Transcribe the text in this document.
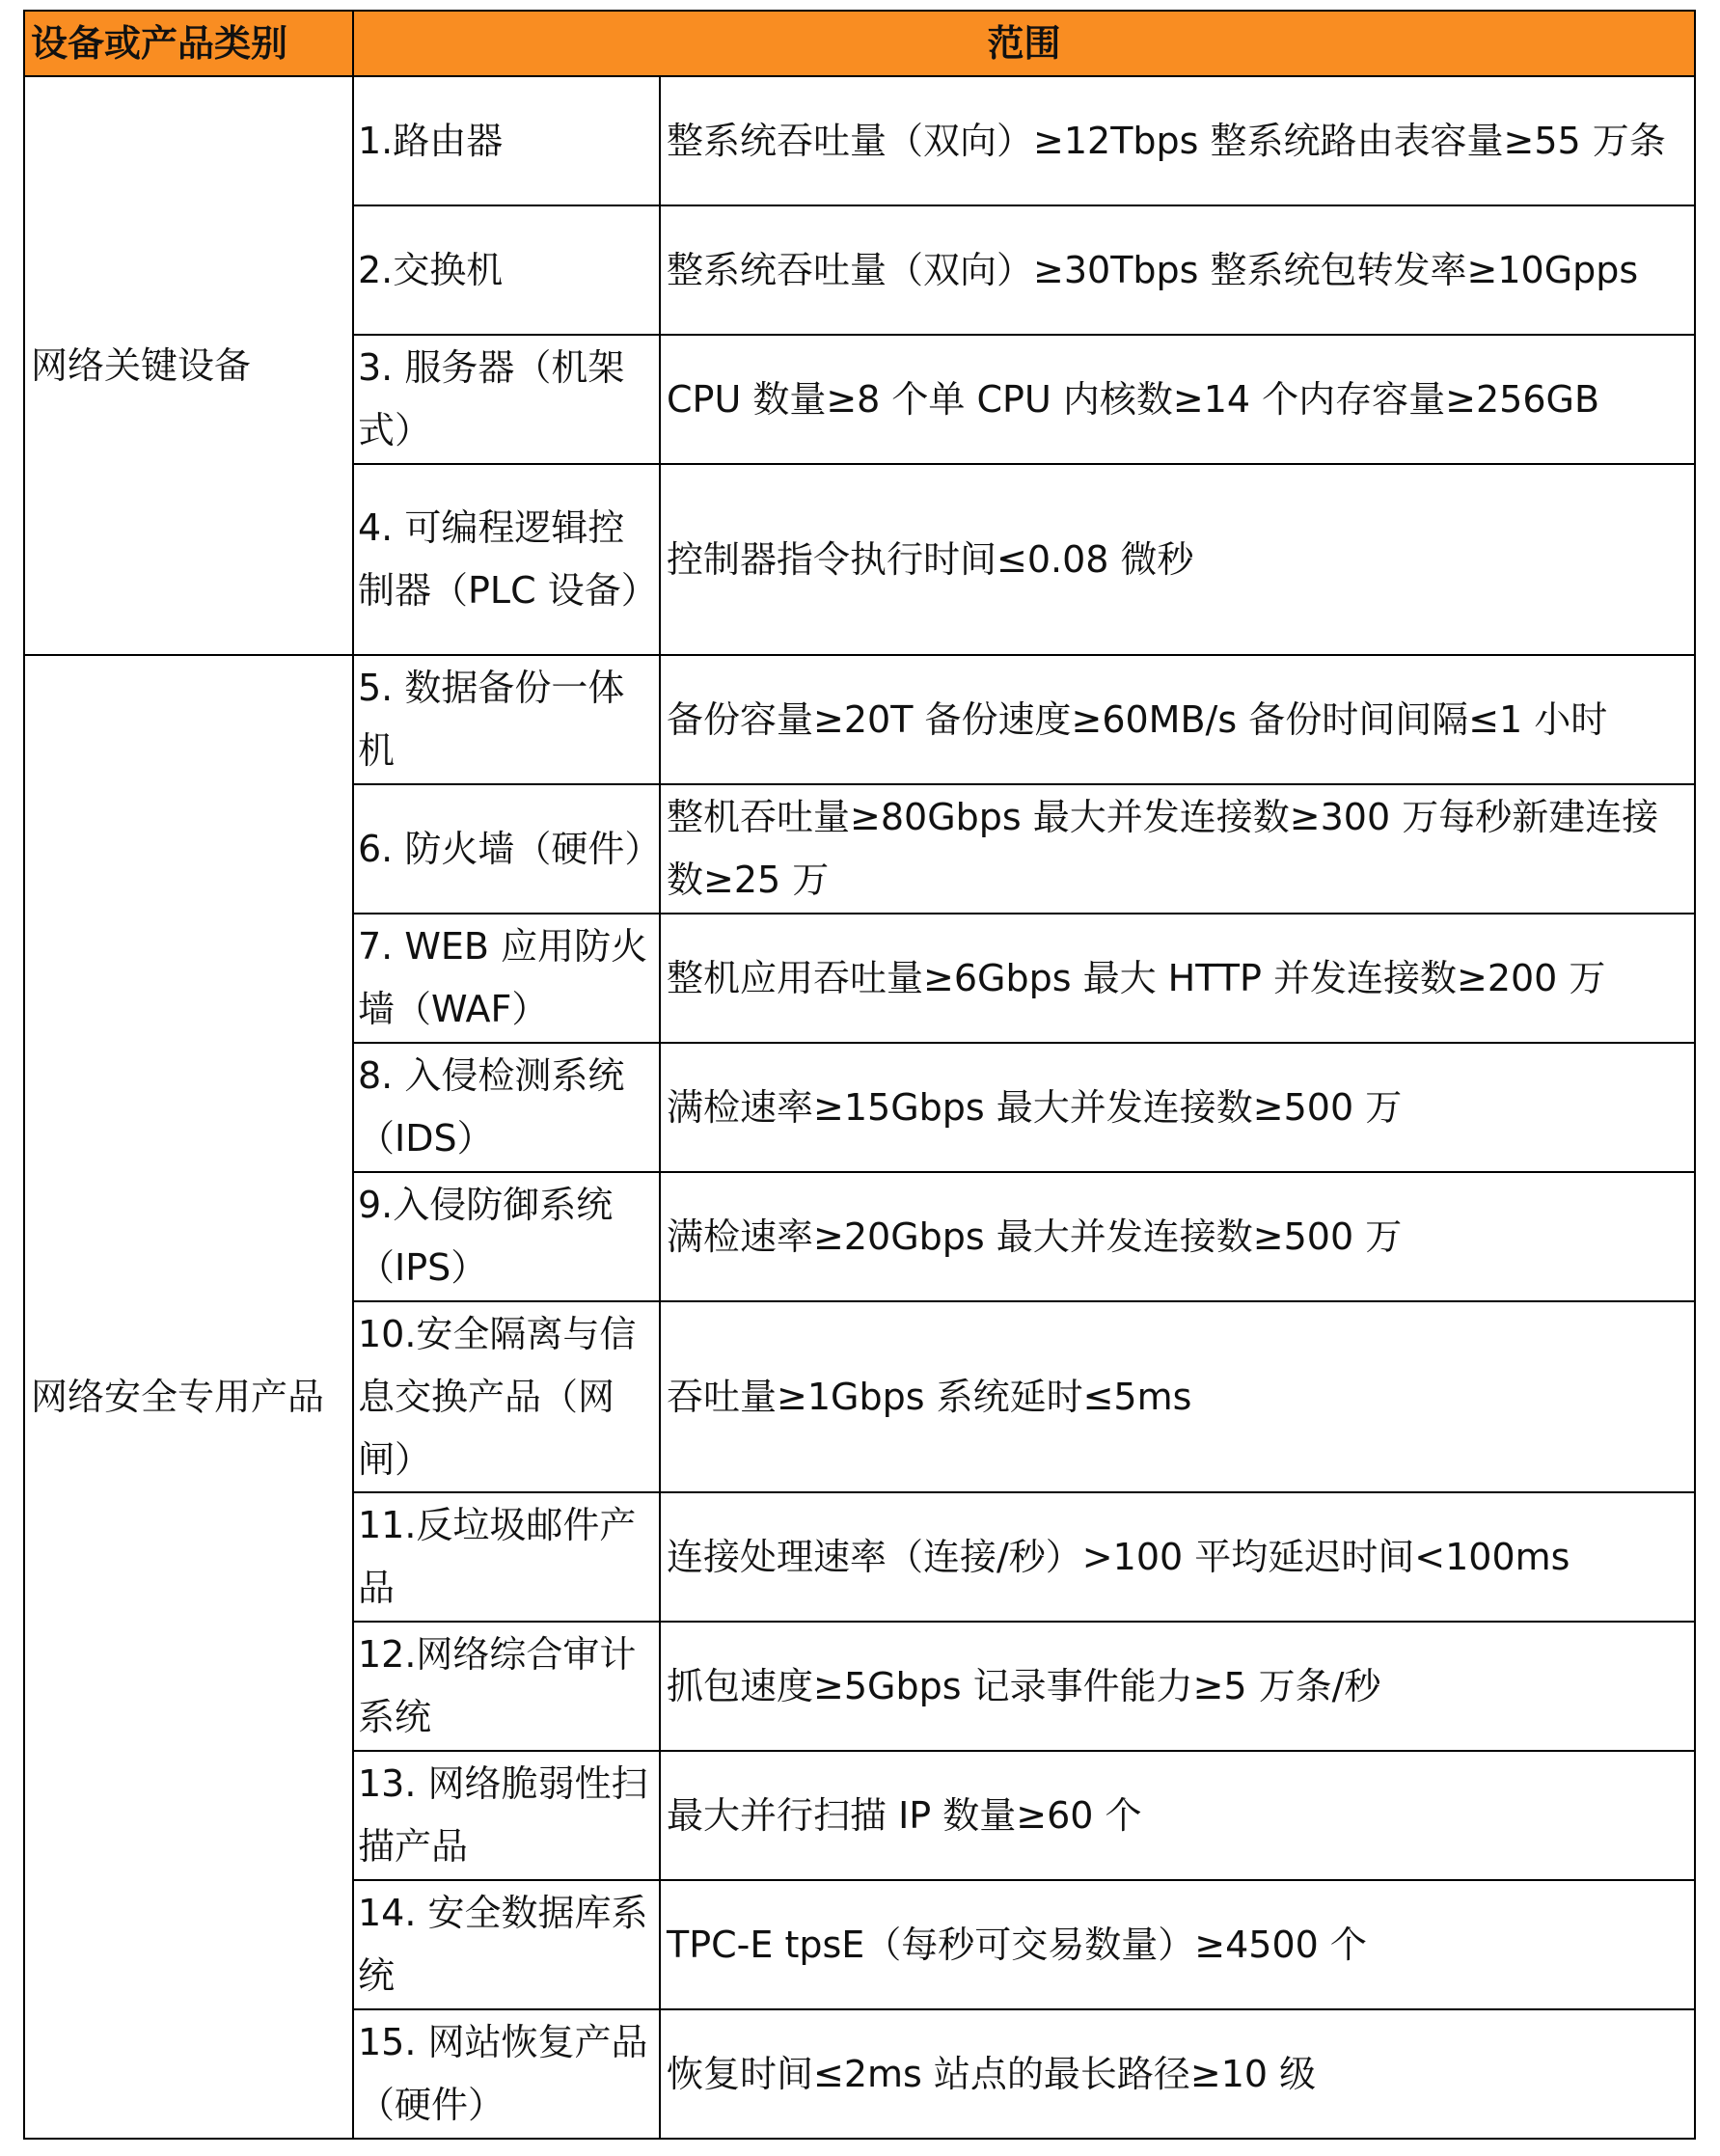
设备或产品类别	范围	
网络关键设备	1.路由器	整系统吞吐量（双向）≥12Tbps 整系统路由表容量≥55 万条
	2.交换机	整系统吞吐量（双向）≥30Tbps 整系统包转发率≥10Gpps
	3. 服务器（机架式）	CPU 数量≥8 个单 CPU 内核数≥14 个内存容量≥256GB
	4. 可编程逻辑控制器（PLC 设备）	控制器指令执行时间≤0.08 微秒
网络安全专用产品	5. 数据备份一体机	备份容量≥20T 备份速度≥60MB/s 备份时间间隔≤1 小时
	6. 防火墙（硬件）	整机吞吐量≥80Gbps 最大并发连接数≥300 万每秒新建连接数≥25 万
	7. WEB 应用防火墙（WAF）	整机应用吞吐量≥6Gbps 最大 HTTP 并发连接数≥200 万
	8. 入侵检测系统（IDS）	满检速率≥15Gbps 最大并发连接数≥500 万
	9.入侵防御系统（IPS）	满检速率≥20Gbps 最大并发连接数≥500 万
	10.安全隔离与信息交换产品（网闸）	吞吐量≥1Gbps 系统延时≤5ms
	11.反垃圾邮件产品	连接处理速率（连接/秒）>100 平均延迟时间<100ms
	12.网络综合审计系统	抓包速度≥5Gbps 记录事件能力≥5 万条/秒
	13. 网络脆弱性扫描产品	最大并行扫描 IP 数量≥60 个
	14. 安全数据库系统	TPC-E tpsE（每秒可交易数量）≥4500 个
	15. 网站恢复产品（硬件）	恢复时间≤2ms 站点的最长路径≥10 级
